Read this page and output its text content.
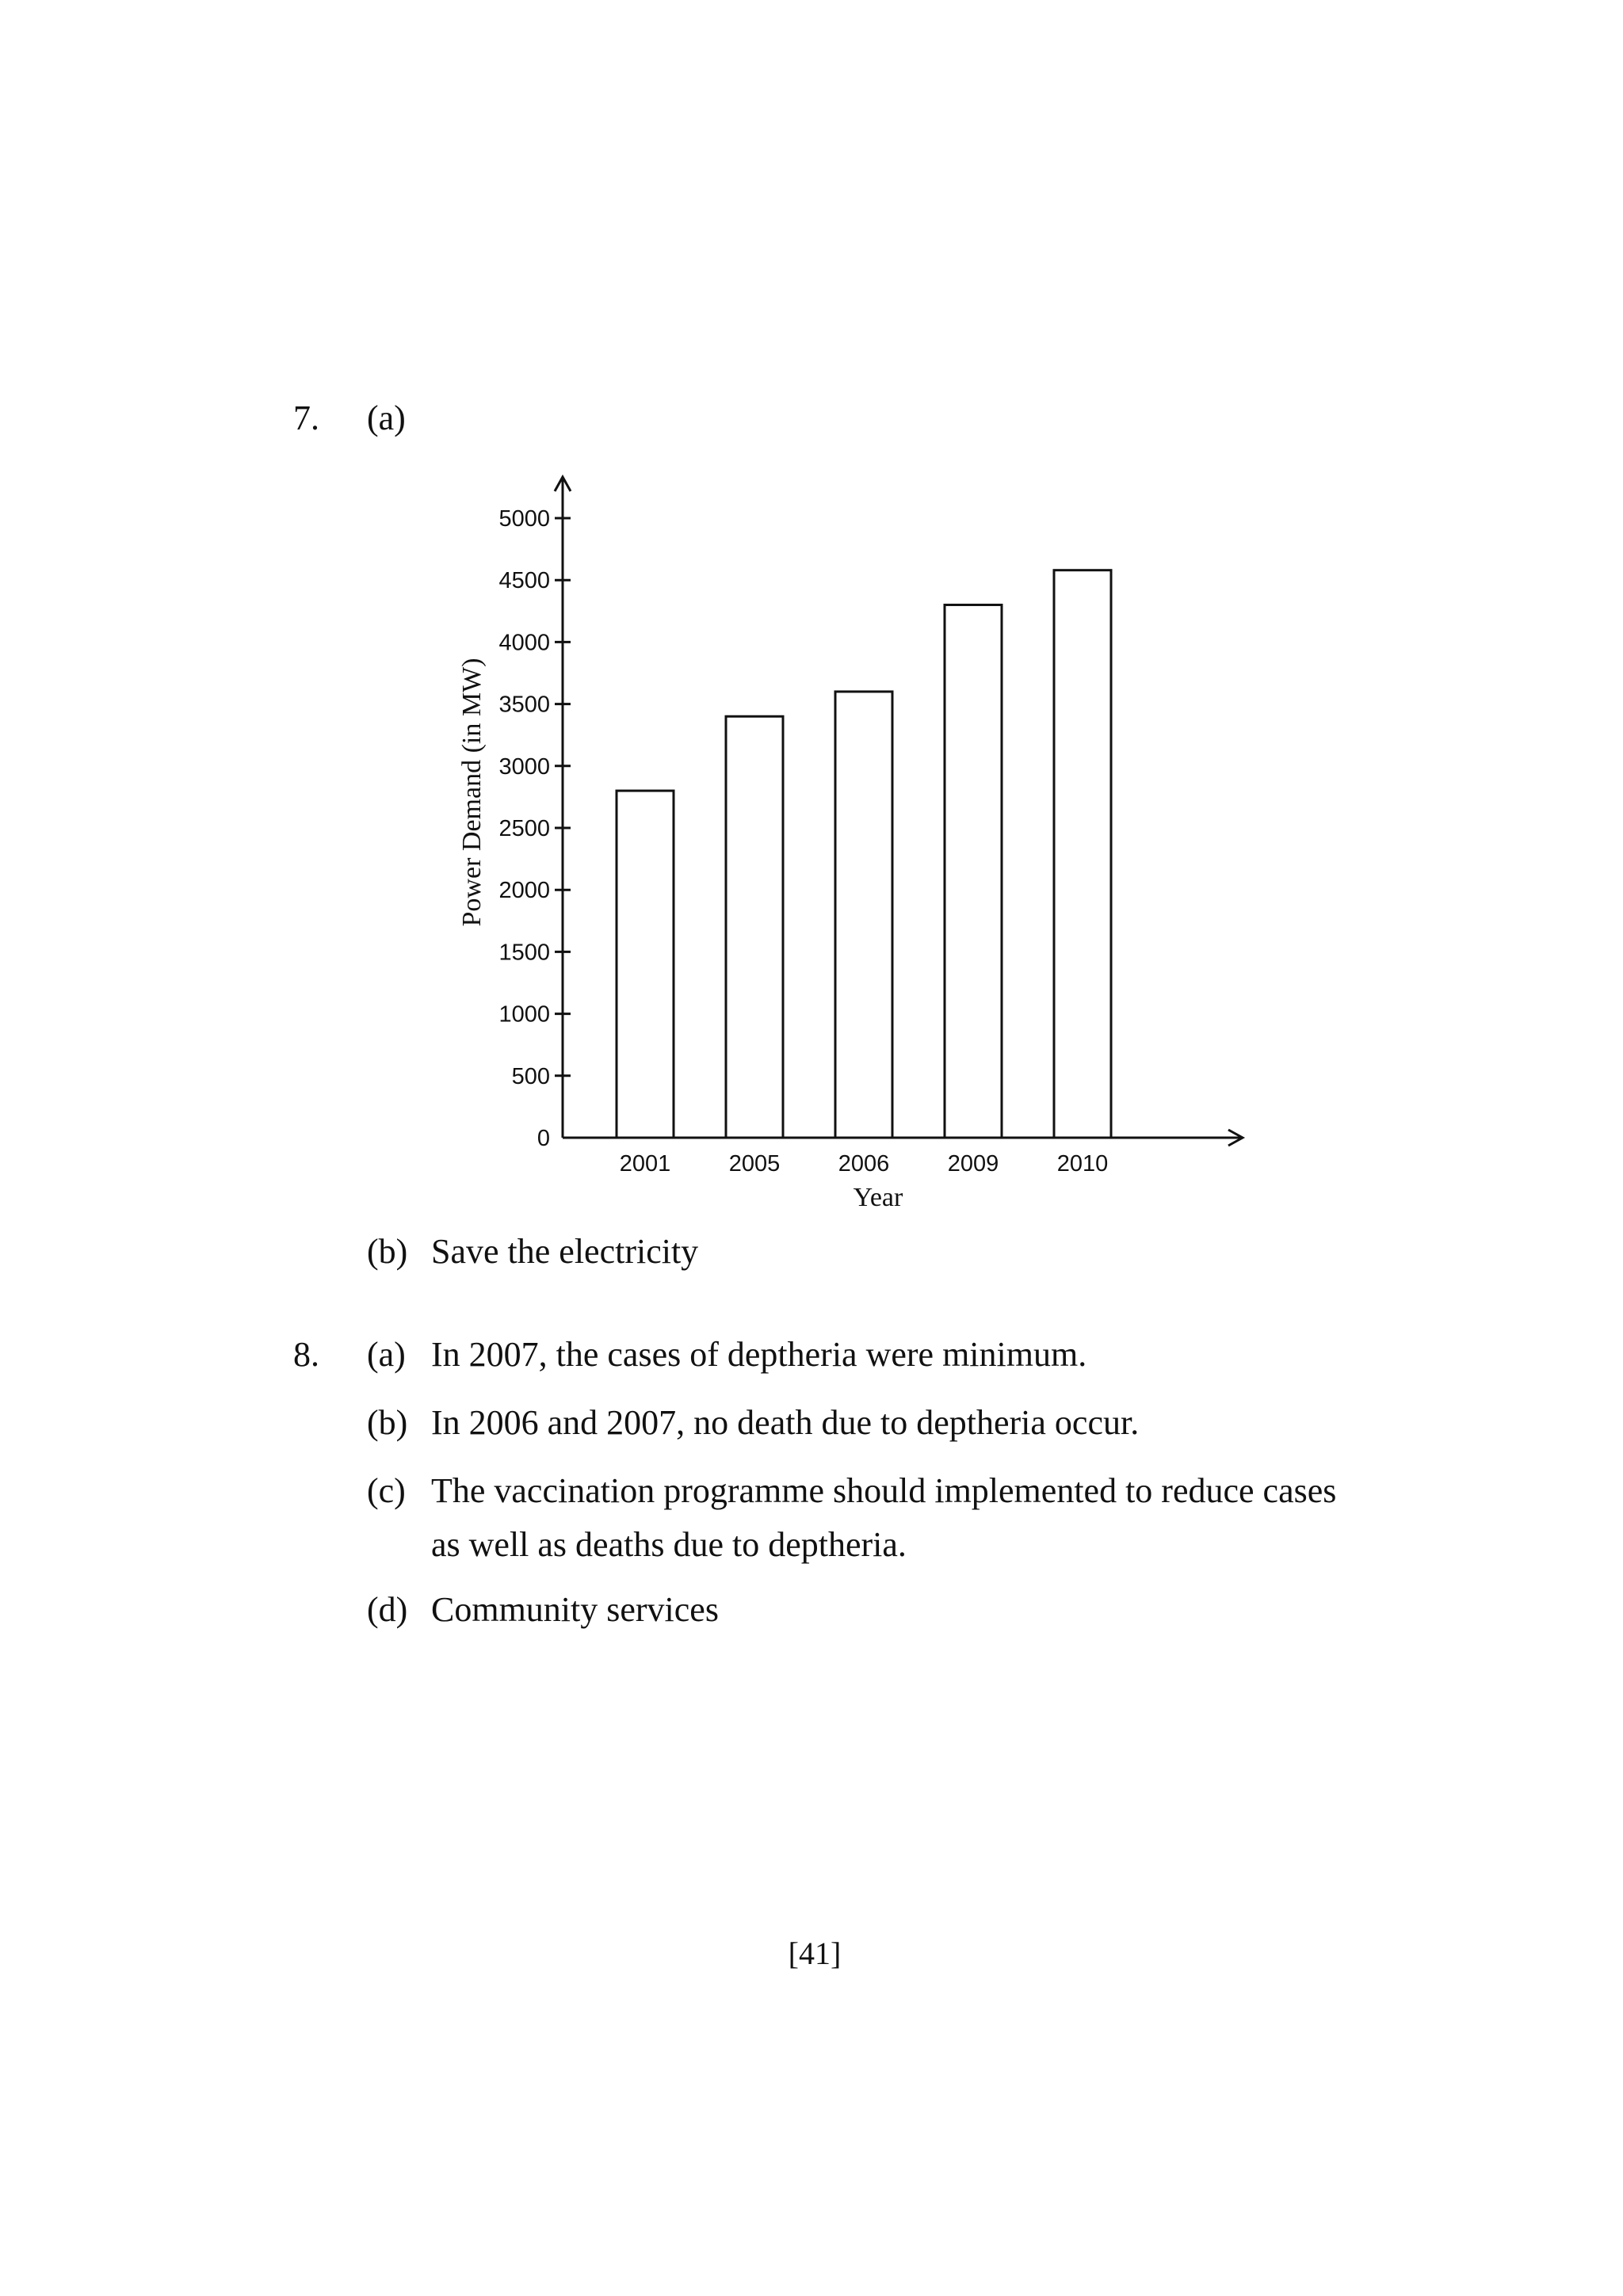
7. (a)
0
500
1000
1500
2000
2500
3000
3500
4000
4500
5000
2001	2005	2006	2009	2010
Power Demand (in MW)
Year
(b) Save the electricity
8. (a) In 2007, the cases of deptheria were minimum.
(b) In 2006 and 2007, no death due to deptheria occur.
(c) The vaccination programme should implemented to reduce cases
as well as deaths due to deptheria.
(d) Community services
[41]
